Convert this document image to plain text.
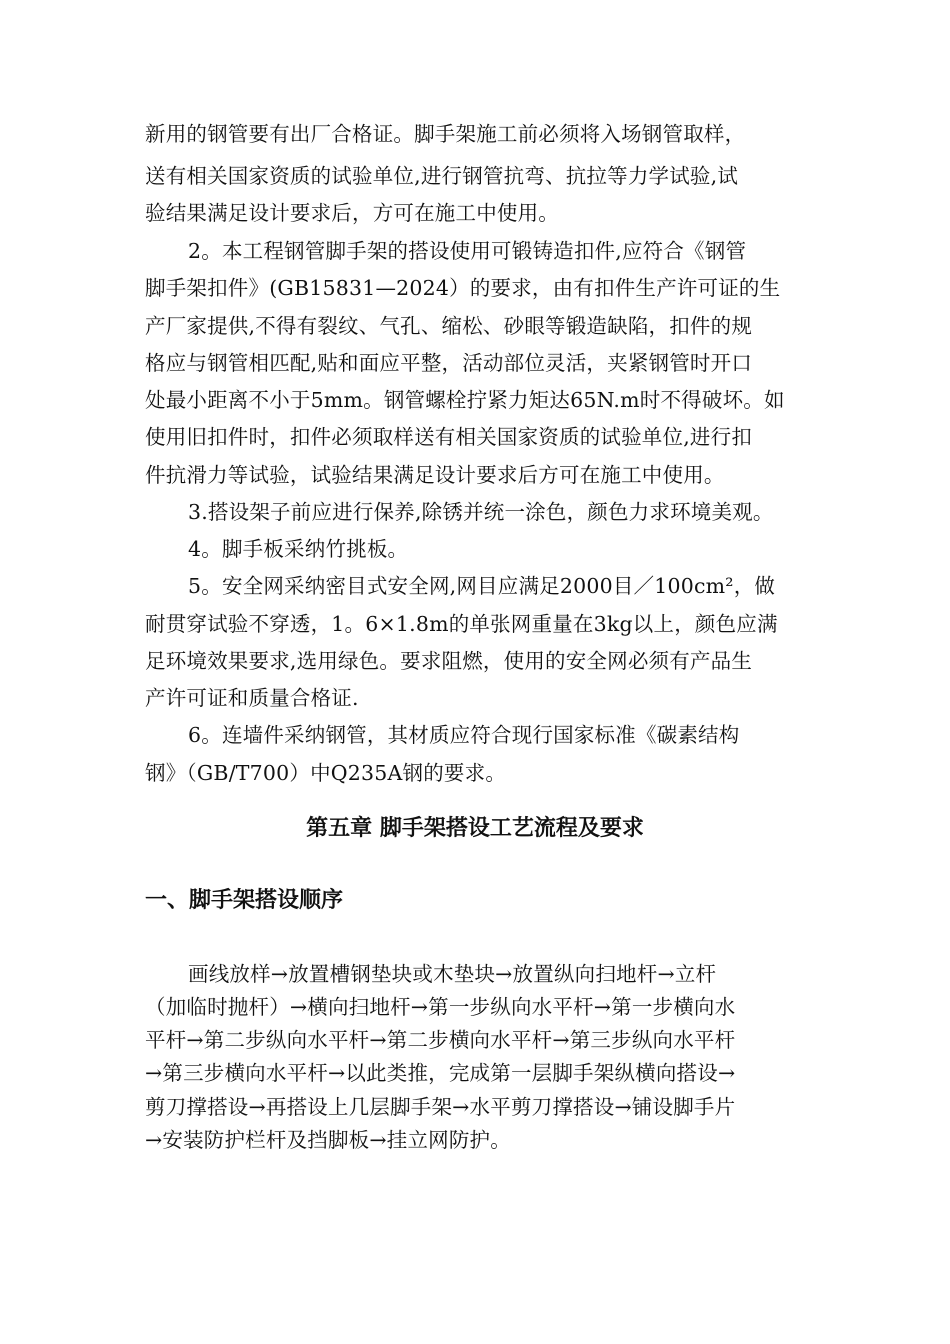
新用的钢管要有出厂合格证。脚手架施工前必须将入场钢管取样，
送有相关国家资质的试验单位,进行钢管抗弯、抗拉等力学试验,试
验结果满足设计要求后，方可在施工中使用。
2。本工程钢管脚手架的搭设使用可锻铸造扣件,应符合《钢管
脚手架扣件》(GB15831—2024）的要求，由有扣件生产许可证的生
产厂家提供,不得有裂纹、气孔、缩松、砂眼等锻造缺陷，扣件的规
格应与钢管相匹配,贴和面应平整，活动部位灵活，夹紧钢管时开口
处最小距离不小于5mm。钢管螺栓拧紧力矩达65N.m时不得破坏。如
使用旧扣件时，扣件必须取样送有相关国家资质的试验单位,进行扣
件抗滑力等试验，试验结果满足设计要求后方可在施工中使用。
3.搭设架子前应进行保养,除锈并统一涂色，颜色力求环境美观。
4。脚手板采纳竹挑板。
5。安全网采纳密目式安全网,网目应满足2000目／100cm²，做
耐贯穿试验不穿透，1。6×1.8m的单张网重量在3kg以上，颜色应满
足环境效果要求,选用绿色。要求阻燃，使用的安全网必须有产品生
产许可证和质量合格证.
6。连墙件采纳钢管，其材质应符合现行国家标准《碳素结构
钢》（GB/T700）中Q235A钢的要求。
第五章 脚手架搭设工艺流程及要求
一、脚手架搭设顺序
画线放样→放置槽钢垫块或木垫块→放置纵向扫地杆→立杆
（加临时抛杆）→横向扫地杆→第一步纵向水平杆→第一步横向水
平杆→第二步纵向水平杆→第二步横向水平杆→第三步纵向水平杆
→第三步横向水平杆→以此类推，完成第一层脚手架纵横向搭设→
剪刀撑搭设→再搭设上几层脚手架→水平剪刀撑搭设→铺设脚手片
→安装防护栏杆及挡脚板→挂立网防护。
